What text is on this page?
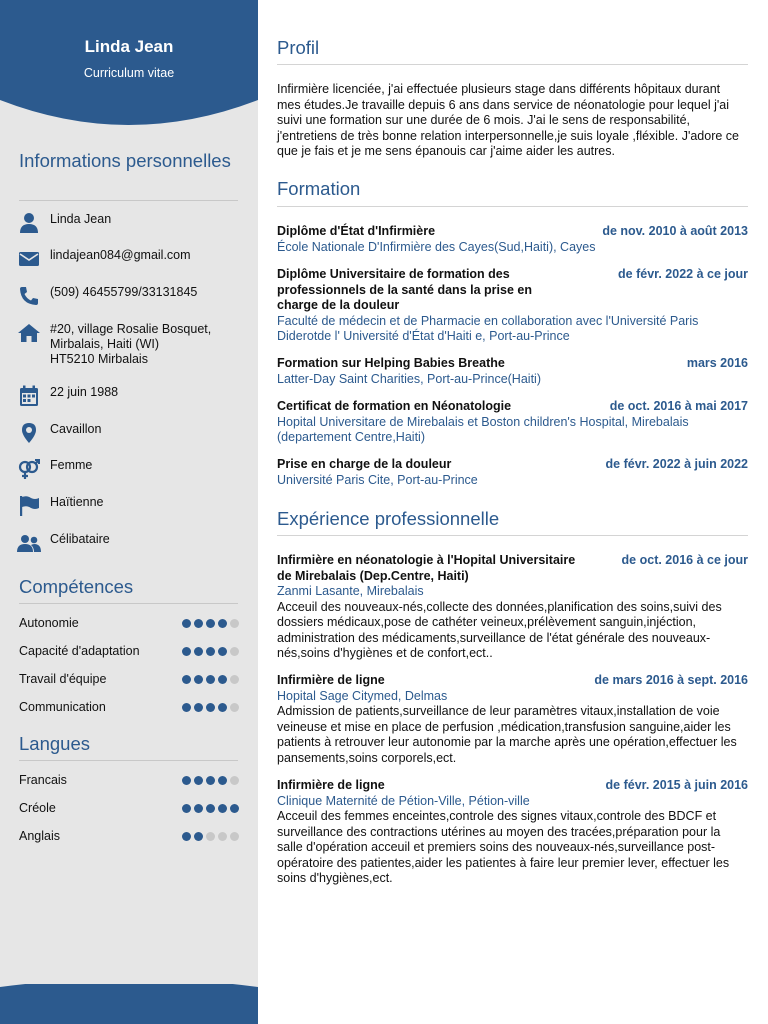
Linda Jean
Curriculum vitae
Informations personnelles
Linda Jean
lindajean084@gmail.com
(509) 46455799/33131845
#20, village Rosalie Bosquet,
Mirbalais, Haiti (WI)
HT5210 Mirbalais
22 juin 1988
Cavaillon
Femme
Haïtienne
Célibataire
Compétences
Autonomie
Capacité d'adaptation
Travail d'équipe
Communication
Langues
Francais
Créole
Anglais
Profil
Infirmière licenciée, j'ai effectuée plusieurs stage dans différents hôpitaux durant mes études.Je travaille depuis 6 ans dans service de néonatologie pour lequel j'ai suivi une formation sur une durée de 6 mois. J'ai le sens de responsabilité, j'entretiens de très bonne relation interpersonnelle,je suis loyale ,fléxible. J'adore ce que je fais et je me sens épanouis car j'aime aider les autres.
Formation
Diplôme d'État d'Infirmière	de nov. 2010 à août 2013
École Nationale D'Infirmière des Cayes(Sud,Haiti), Cayes
Diplôme Universitaire de formation des professionnels de la santé dans la prise en charge de la douleur
de févr. 2022 à ce jour
Faculté de médecin et de Pharmacie en collaboration avec l'Université Paris Diderotde l' Université d'État d'Haiti e, Port-au-Prince
Formation sur Helping Babies Breathe	mars 2016
Latter-Day Saint Charities, Port-au-Prince(Haiti)
Certificat de formation en Néonatologie	de oct. 2016 à mai 2017
Hopital Universitare de Mirebalais et Boston children's Hospital, Mirebalais (departement Centre,Haiti)
Prise en charge de la douleur	de févr. 2022 à juin 2022
Université Paris Cite, Port-au-Prince
Expérience professionnelle
Infirmière en néonatologie à l'Hopital Universitaire de Mirebalais (Dep.Centre, Haiti)
de oct. 2016 à ce jour
Zanmi Lasante, Mirebalais
Acceuil des nouveaux-nés,collecte des données,planification des soins,suivi des dossiers médicaux,pose de cathéter veineux,prélèvement sanguin,injéction, administration des médicaments,surveillance de l'état générale des nouveaux-nés,soins d'hygiènes et de confort,ect..
Infirmière de ligne	de mars 2016 à sept. 2016
Hopital Sage Citymed, Delmas
Admission de patients,surveillance de leur paramètres vitaux,installation de voie veineuse et mise en place de perfusion ,médication,transfusion sanguine,aider les patients à retrouver leur autonomie par la marche après une opération,effectuer les pansements,soins corporels,ect.
Infirmière de ligne	de févr. 2015 à juin 2016
Clinique Maternité de Pétion-Ville, Pétion-ville
Acceuil des femmes enceintes,controle des signes vitaux,controle des BDCF et surveillance des contractions utérines au moyen des tracées,préparation pour la salle d'opération acceuil et premiers soins des nouveaux-nés,surveillance post-opératoire des patientes,aider les patientes à faire leur premier lever, effectuer les soins d'hygiènes,ect.
